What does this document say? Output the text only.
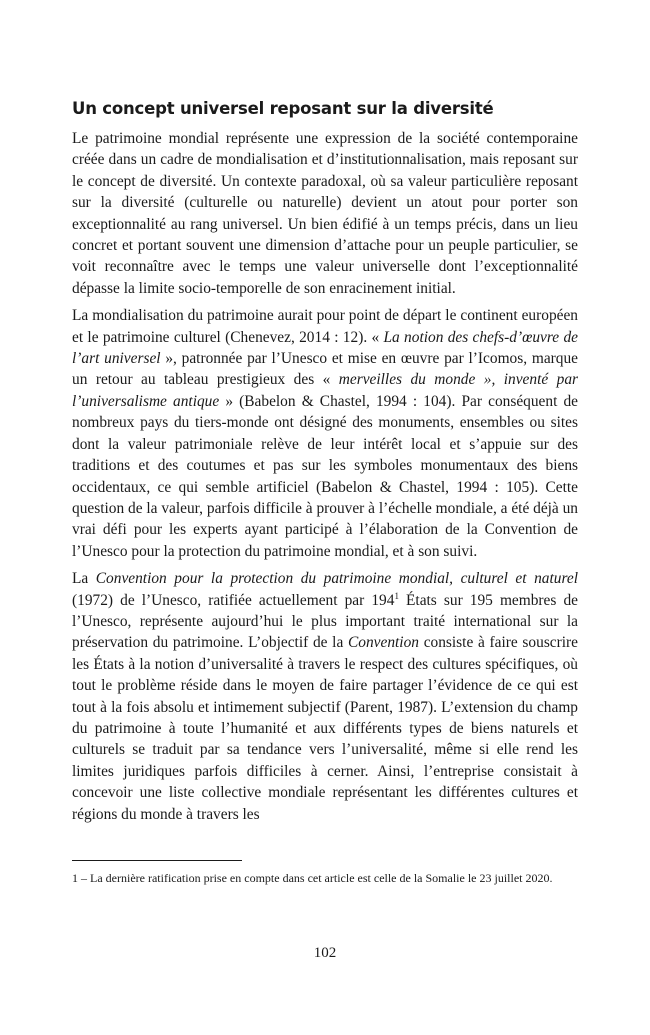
Un concept universel reposant sur la diversité

Le patrimoine mondial représente une expression de la société contemporaine créée dans un cadre de mondialisation et d’institutionnalisation, mais reposant sur le concept de diversité. Un contexte paradoxal, où sa valeur particulière reposant sur la diversité (culturelle ou naturelle) devient un atout pour porter son exceptionnalité au rang universel. Un bien édifié à un temps précis, dans un lieu concret et portant souvent une dimension d’attache pour un peuple particulier, se voit reconnaître avec le temps une valeur universelle dont l’exceptionnalité dépasse la limite socio-temporelle de son enracinement initial.

La mondialisation du patrimoine aurait pour point de départ le continent européen et le patrimoine culturel (Chenevez, 2014 : 12). « La notion des chefs-d’œuvre de l’art universel », patronnée par l’Unesco et mise en œuvre par l’Icomos, marque un retour au tableau prestigieux des « merveilles du monde », inventé par l’universalisme antique » (Babelon & Chastel, 1994 : 104). Par conséquent de nombreux pays du tiers-monde ont désigné des monuments, ensembles ou sites dont la valeur patrimoniale relève de leur intérêt local et s’appuie sur des traditions et des coutumes et pas sur les symboles monumentaux des biens occidentaux, ce qui semble artificiel (Babelon & Chastel, 1994 : 105). Cette question de la valeur, parfois difficile à prouver à l’échelle mondiale, a été déjà un vrai défi pour les experts ayant participé à l’élaboration de la Convention de l’Unesco pour la protection du patrimoine mondial, et à son suivi.

La Convention pour la protection du patrimoine mondial, culturel et naturel (1972) de l’Unesco, ratifiée actuellement par $194^1$ États sur 195 membres de l’Unesco, représente aujourd’hui le plus important traité international sur la préservation du patrimoine. L’objectif de la Convention consiste à faire souscrire les États à la notion d’universalité à travers le respect des cultures spécifiques, où tout le problème réside dans le moyen de faire partager l’évidence de ce qui est tout à la fois absolu et intimement subjectif (Parent, 1987). L’extension du champ du patrimoine à toute l’humanité et aux différents types de biens naturels et culturels se traduit par sa tendance vers l’universalité, même si elle rend les limites juridiques parfois difficiles à cerner. Ainsi, l’entreprise consistait à concevoir une liste collective mondiale représentant les différentes cultures et régions du monde à travers les

1 – La dernière ratification prise en compte dans cet article est celle de la Somalie le 23 juillet 2020.

102
